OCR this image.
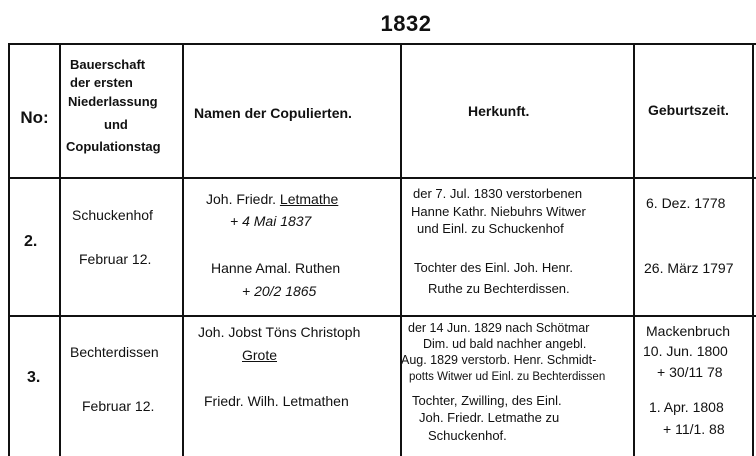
1832
No:
Bauerschaft
der ersten
Niederlassung
und
Copulationstag
Namen der Copulierten.	Herkunft.	Geburtszeit.
2.
Schuckenhof
Februar 12.
Joh. Friedr. Letmathe
+ 4 Mai 1837
Hanne Amal. Ruthen
+ 20/2 1865
der 7. Jul. 1830 verstorbenen
Hanne Kathr. Niebuhrs Witwer
und Einl. zu Schuckenhof
Tochter des Einl. Joh. Henr.
Ruthe zu Bechterdissen.
6. Dez. 1778
26. März 1797
3.
Bechterdissen
Februar 12.
Joh. Jobst Töns Christoph
Grote
Friedr. Wilh. Letmathen
der 14 Jun. 1829 nach Schötmar
Dim. ud bald nachher angebl.
Aug. 1829 verstorb. Henr. Schmidt-
potts Witwer ud Einl. zu Bechterdissen
Tochter, Zwilling, des Einl.
Joh. Friedr. Letmathe zu
Schuckenhof.
Mackenbruch
10. Jun. 1800
+ 30/11 78
1. Apr. 1808
+ 11/1. 88
